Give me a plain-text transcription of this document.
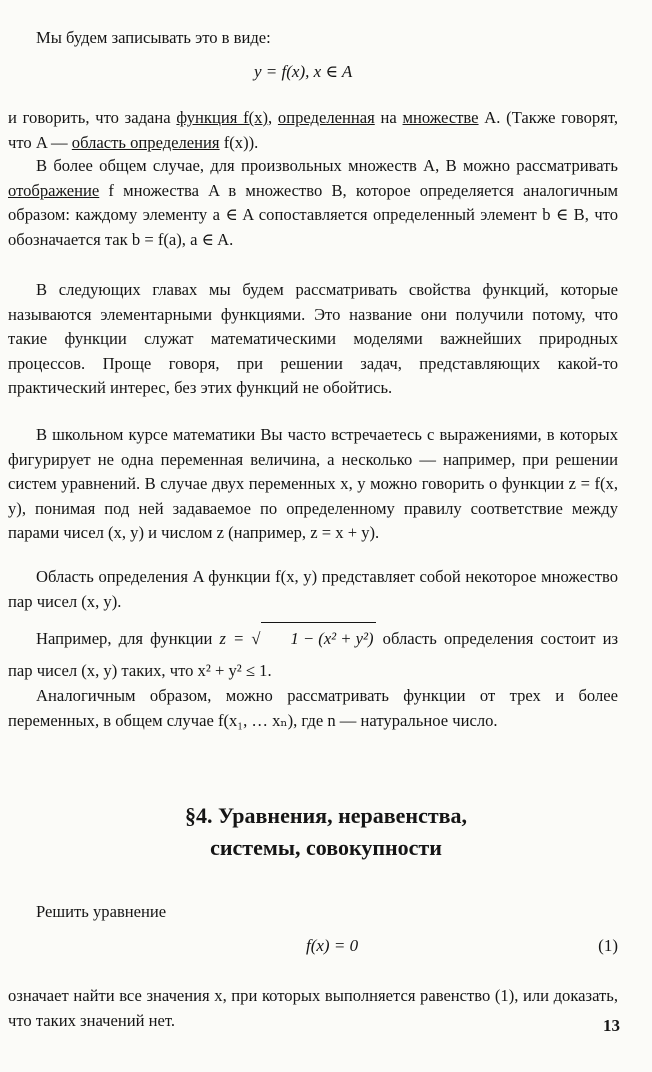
Мы будем записывать это в виде:
y = f(x), x ∈ A
и говорить, что задана функция f(x), определенная на множестве A. (Также говорят, что A — область определения f(x)).
В более общем случае, для произвольных множеств A, B можно рассматривать отображение f множества A в множество B, которое определяется аналогичным образом: каждому элементу a ∈ A сопоставляется определенный элемент b ∈ B, что обозначается так b = f(a), a ∈ A.
В следующих главах мы будем рассматривать свойства функций, которые называются элементарными функциями. Это название они получили потому, что такие функции служат математическими моделями важнейших природных процессов. Проще говоря, при решении задач, представляющих какой-то практический интерес, без этих функций не обойтись.
В школьном курсе математики Вы часто встречаетесь с выражениями, в которых фигурирует не одна переменная величина, а несколько — например, при решении систем уравнений. В случае двух переменных x, y можно говорить о функции z = f(x, y), понимая под ней задаваемое по определенному правилу соответствие между парами чисел (x, y) и числом z (например, z = x + y).
Область определения A функции f(x, y) представляет собой некоторое множество пар чисел (x, y).
Например, для функции z = √ 1 − (x² + y²) область определения состоит из пар чисел (x, y) таких, что x² + y² ≤ 1.
Аналогичным образом, можно рассматривать функции от трех и более переменных, в общем случае f(x₁, … xₙ), где n — натуральное число.
§4. Уравнения, неравенства,
системы, совокупности
Решить уравнение
f(x) = 0	(1)
означает найти все значения x, при которых выполняется равенство (1), или доказать, что таких значений нет.	13
